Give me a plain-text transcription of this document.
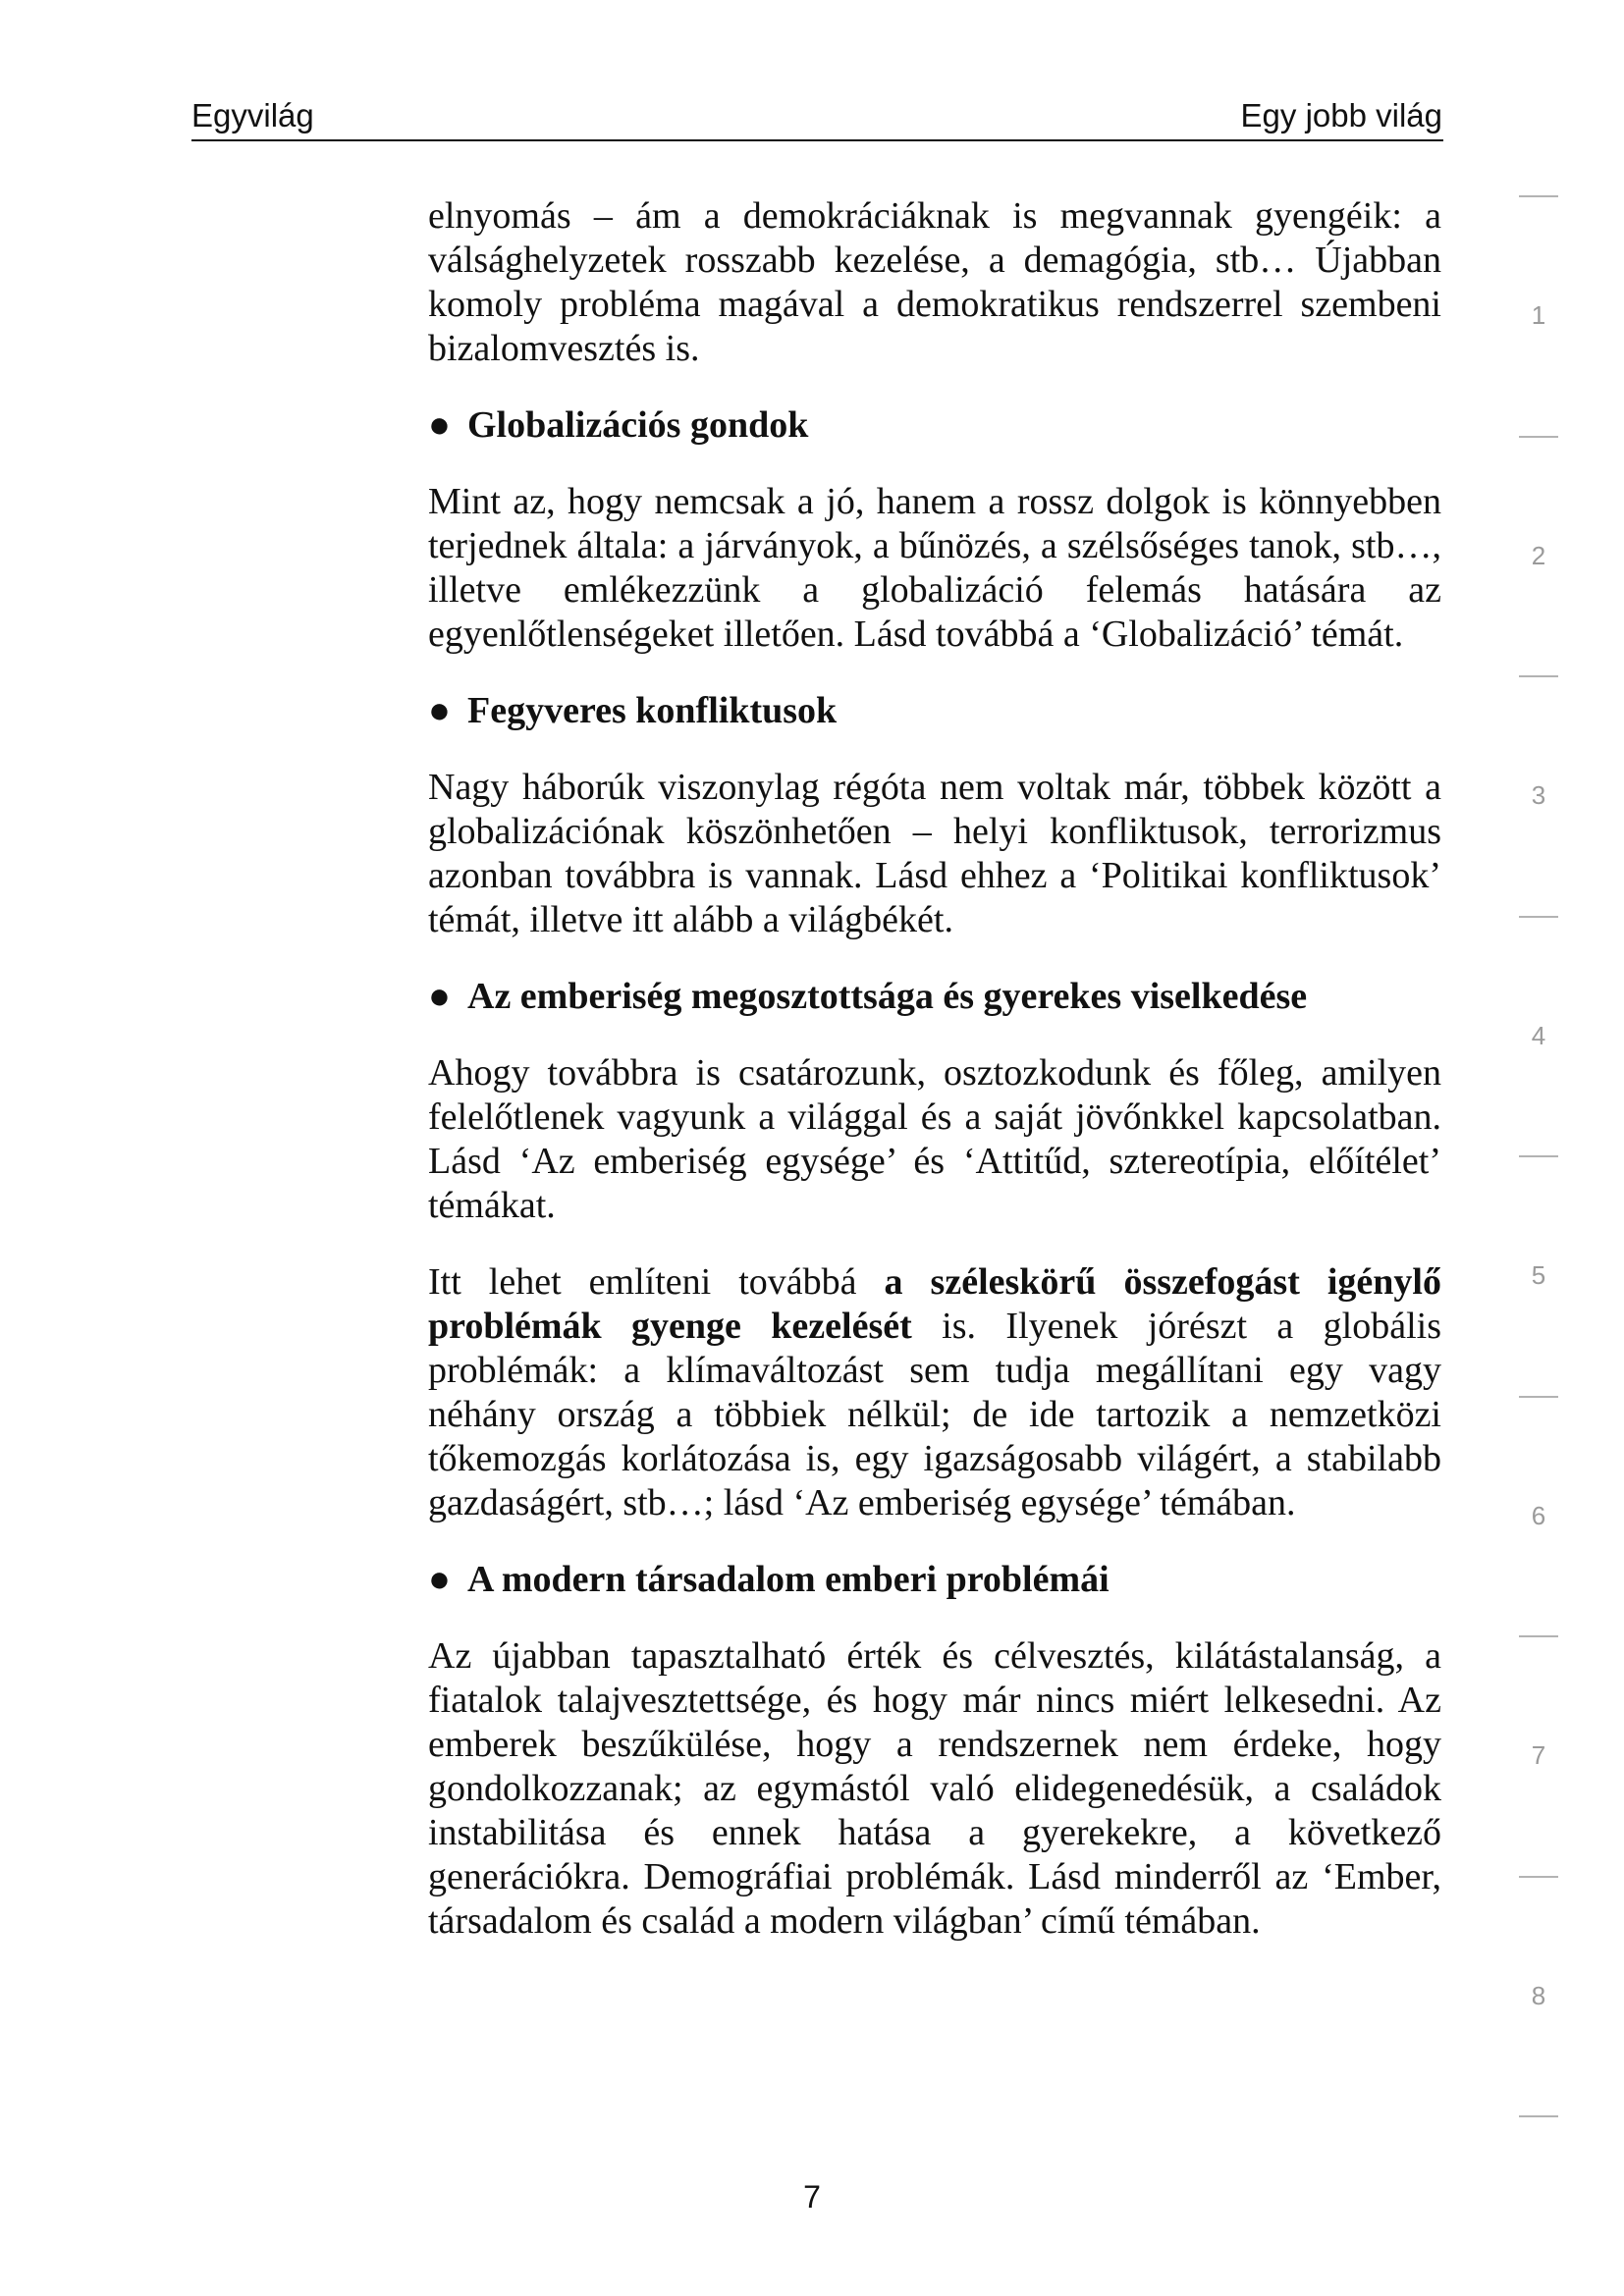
Egyvilág	Egy jobb világ

elnyomás – ám a demokráciáknak is megvannak gyengéik: a válsághelyzetek rosszabb kezelése, a demagógia, stb… Újabban komoly probléma magával a demokratikus rendszerrel szembeni bizalomvesztés is.

● Globalizációs gondok

Mint az, hogy nemcsak a jó, hanem a rossz dolgok is könnyebben terjednek általa: a járványok, a bűnözés, a szélsőséges tanok, stb…, illetve emlékezzünk a globalizáció felemás hatására az egyenlőtlenségeket illetően. Lásd továbbá a ‘Globalizáció’ témát.

● Fegyveres konfliktusok

Nagy háborúk viszonylag régóta nem voltak már, többek között a globalizációnak köszönhetően – helyi konfliktusok, terrorizmus azonban továbbra is vannak. Lásd ehhez a ‘Politikai konfliktusok’ témát, illetve itt alább a világbékét.

● Az emberiség megosztottsága és gyerekes viselkedése

Ahogy továbbra is csatározunk, osztozkodunk és főleg, amilyen felelőtlenek vagyunk a világgal és a saját jövőnkkel kapcsolatban. Lásd ‘Az emberiség egysége’ és ‘Attitűd, sztereotípia, előítélet’ témákat.

Itt lehet említeni továbbá a széleskörű összefogást igénylő problémák gyenge kezelését is. Ilyenek jórészt a globális problémák: a klímaváltozást sem tudja megállítani egy vagy néhány ország a többiek nélkül; de ide tartozik a nemzetközi tőkemozgás korlátozása is, egy igazságosabb világért, a stabilabb gazdaságért, stb…; lásd ‘Az emberiség egysége’ témában.

● A modern társadalom emberi problémái

Az újabban tapasztalható érték és célvesztés, kilátástalanság, a fiatalok talajvesztettsége, és hogy már nincs miért lelkesedni. Az emberek beszűkülése, hogy a rendszernek nem érdeke, hogy gondolkozzanak; az egymástól való elidegenedésük, a családok instabilitása és ennek hatása a gyerekekre, a következő generációkra. Demográfiai problémák. Lásd minderről az ‘Ember, társadalom és család a modern világban’ című témában.

1
2
3
4
5
6
7
8
7
